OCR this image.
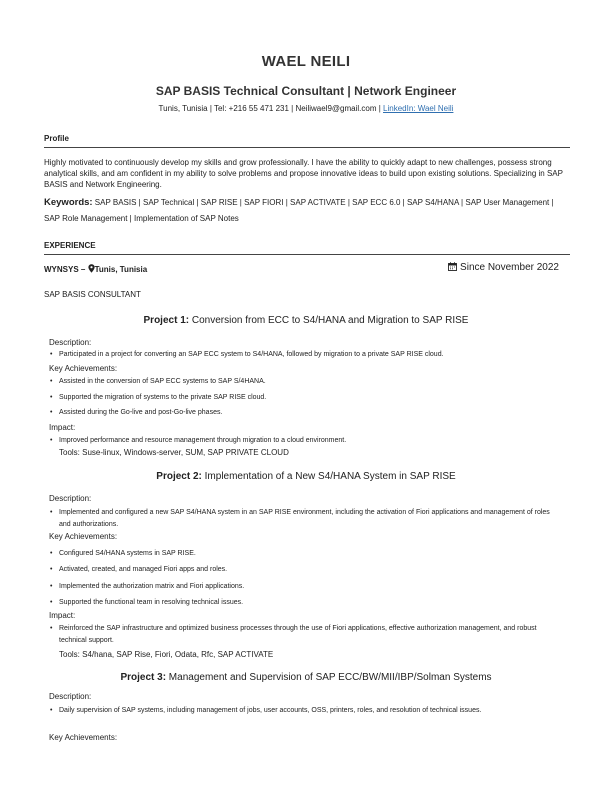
WAEL NEILI
SAP BASIS Technical Consultant | Network Engineer
Tunis, Tunisia | Tel: +216 55 471 231 | Neiliwael9@gmail.com | LinkedIn: Wael Neili
Profile
Highly motivated to continuously develop my skills and grow professionally. I have the ability to quickly adapt to new challenges, possess strong analytical skills, and am confident in my ability to solve problems and propose innovative ideas to build upon existing solutions. Specializing in SAP BASIS and Network Engineering.
Keywords: SAP BASIS | SAP Technical | SAP RISE | SAP FIORI | SAP ACTIVATE | SAP ECC 6.0 | SAP S4/HANA | SAP User Management | SAP Role Management | Implementation of SAP Notes
EXPERIENCE
WYNSYS – Tunis, Tunisia	Since November 2022
SAP BASIS CONSULTANT
Project 1: Conversion from ECC to S4/HANA and Migration to SAP RISE
Description:
• Participated in a project for converting an SAP ECC system to S4/HANA, followed by migration to a private SAP RISE cloud.
Key Achievements:
• Assisted in the conversion of SAP ECC systems to SAP S/4HANA.
• Supported the migration of systems to the private SAP RISE cloud.
• Assisted during the Go-live and post-Go-live phases.
Impact:
• Improved performance and resource management through migration to a cloud environment.
Tools: Suse-linux, Windows-server, SUM, SAP PRIVATE CLOUD
Project 2: Implementation of a New S4/HANA System in SAP RISE
Description:
• Implemented and configured a new SAP S4/HANA system in an SAP RISE environment, including the activation of Fiori applications and management of roles and authorizations.
Key Achievements:
• Configured S4/HANA systems in SAP RISE.
• Activated, created, and managed Fiori apps and roles.
• Implemented the authorization matrix and Fiori applications.
• Supported the functional team in resolving technical issues.
Impact:
• Reinforced the SAP infrastructure and optimized business processes through the use of Fiori applications, effective authorization management, and robust technical support.
Tools: S4/hana, SAP Rise, Fiori, Odata, Rfc, SAP ACTIVATE
Project 3: Management and Supervision of SAP ECC/BW/MII/IBP/Solman Systems
Description:
• Daily supervision of SAP systems, including management of jobs, user accounts, OSS, printers, roles, and resolution of technical issues.
Key Achievements:
